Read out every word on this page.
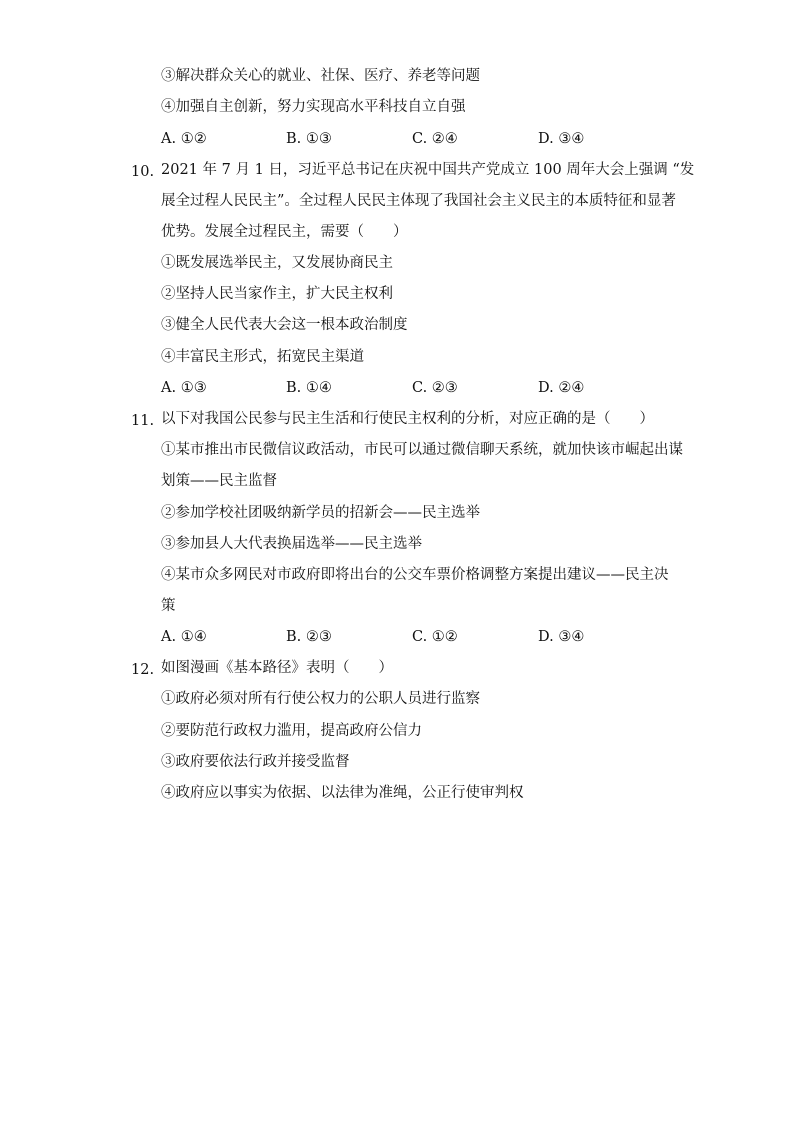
③解决群众关心的就业、社保、医疗、养老等问题
④加强自主创新，努力实现高水平科技自立自强
A. ①②	B. ①③	C. ②④	D. ③④
10. 2021 年 7 月 1 日，习近平总书记在庆祝中国共产党成立 100 周年大会上强调 “发
展全过程人民民主”。全过程人民民主体现了我国社会主义民主的本质特征和显著
优势。发展全过程民主，需要（　　）
①既发展选举民主，又发展协商民主
②坚持人民当家作主，扩大民主权利
③健全人民代表大会这一根本政治制度
④丰富民主形式，拓宽民主渠道
A. ①③	B. ①④	C. ②③	D. ②④
11. 以下对我国公民参与民主生活和行使民主权利的分析，对应正确的是（　　）
①某市推出市民微信议政活动，市民可以通过微信聊天系统，就加快该市崛起出谋
划策——民主监督
②参加学校社团吸纳新学员的招新会——民主选举
③参加县人大代表换届选举——民主选举
④某市众多网民对市政府即将出台的公交车票价格调整方案提出建议——民主决
策
A. ①④	B. ②③	C. ①②	D. ③④
12. 如图漫画《基本路径》表明（　　）
①政府必须对所有行使公权力的公职人员进行监察
②要防范行政权力滥用，提高政府公信力
③政府要依法行政并接受监督
④政府应以事实为依据、以法律为准绳，公正行使审判权
